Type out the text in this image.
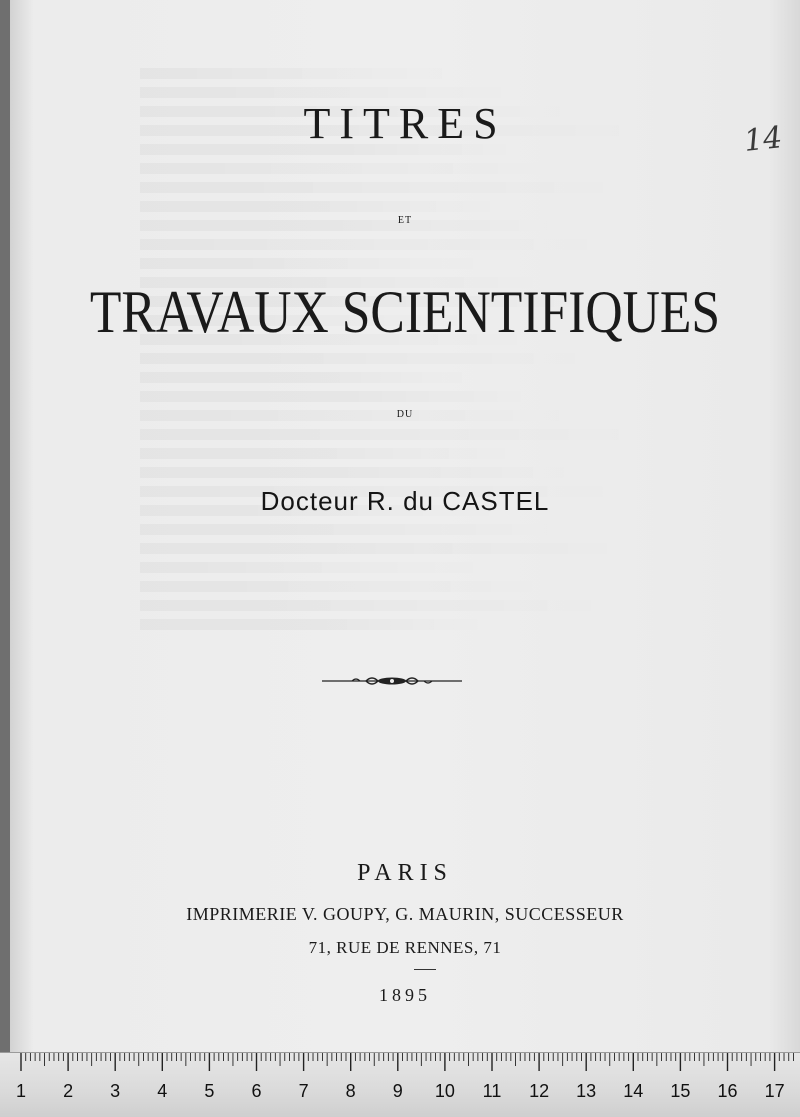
14
TITRES
ET
TRAVAUX SCIENTIFIQUES
DU
Docteur R. du CASTEL
PARIS
IMPRIMERIE V. GOUPY, G. MAURIN, SUCCESSEUR
71, RUE DE RENNES, 71
1895
1 2 3 4 5 6 7 8 9 10 11 12 13 14 15 16 17
